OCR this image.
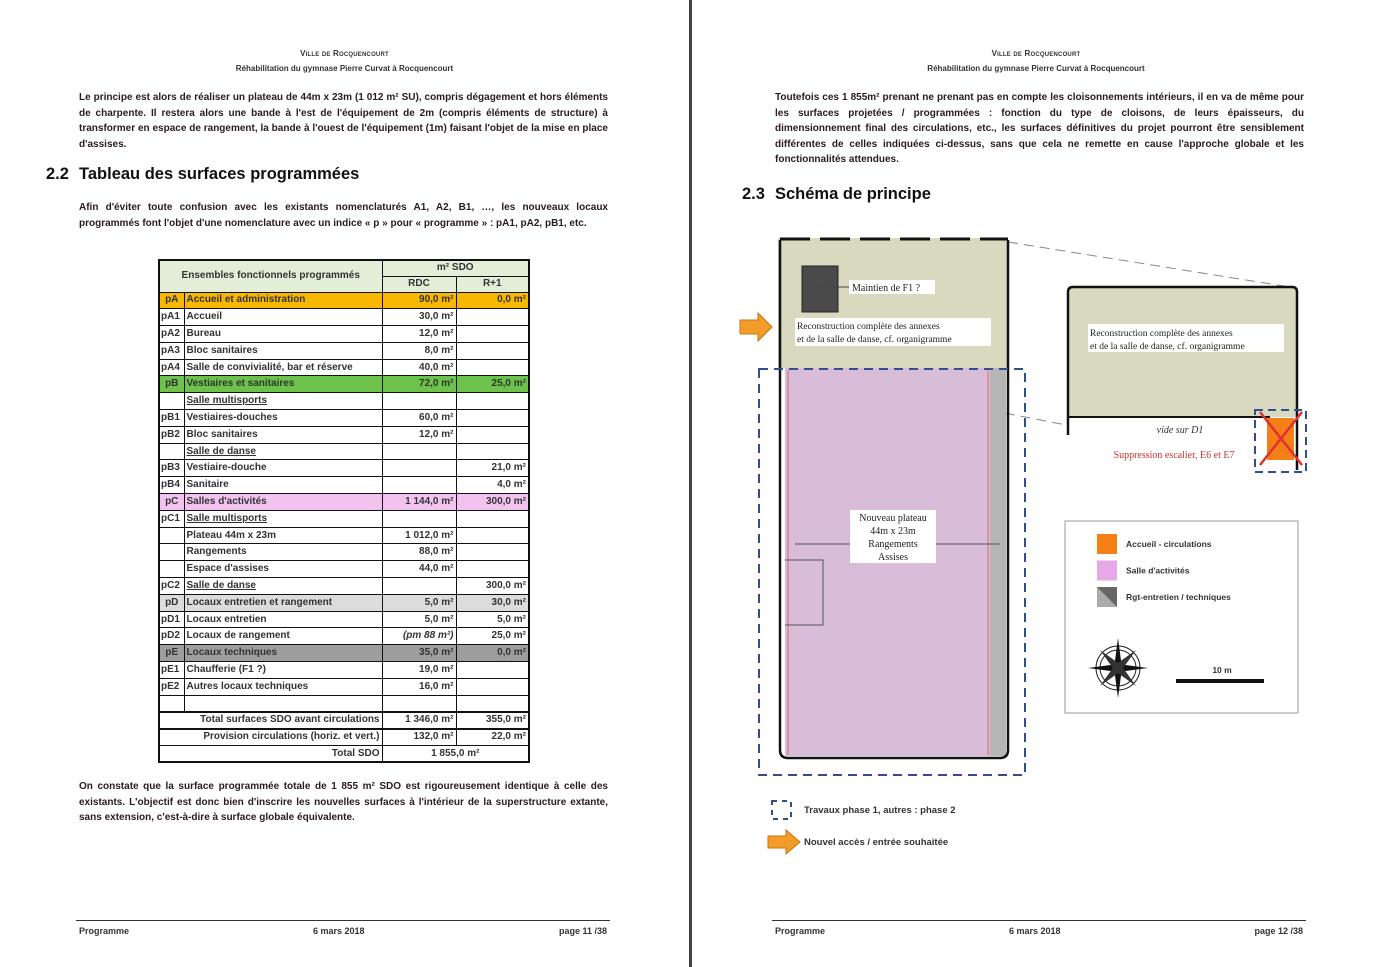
Ville de Rocquencourt
Réhabilitation du gymnase Pierre Curvat à Rocquencourt

Le principe est alors de réaliser un plateau de 44m x 23m (1 012 m² SU), compris dégagement et hors éléments de charpente. Il restera alors une bande à l'est de l'équipement de 2m (compris éléments de structure) à transformer en espace de rangement, la bande à l'ouest de l'équipement (1m) faisant l'objet de la mise en place d'assises.

2.2 Tableau des surfaces programmées

Afin d'éviter toute confusion avec les existants nomenclaturés A1, A2, B1, …, les nouveaux locaux programmés font l'objet d'une nomenclature avec un indice « p » pour « programme » : pA1, pA2, pB1, etc.

Ensembles fonctionnels programmés		m² SDO	
		RDC	R+1
pA	Accueil et administration	90,0 m²	0,0 m²
pA1	Accueil	30,0 m²	
pA2	Bureau	12,0 m²	
pA3	Bloc sanitaires	8,0 m²	
pA4	Salle de convivialité, bar et réserve	40,0 m²	
pB	Vestiaires et sanitaires	72,0 m²	25,0 m²
	Salle multisports		
pB1	Vestiaires-douches	60,0 m²	
pB2	Bloc sanitaires	12,0 m²	
	Salle de danse		
pB3	Vestiaire-douche		21,0 m²
pB4	Sanitaire		4,0 m²
pC	Salles d'activités	1 144,0 m²	300,0 m²
pC1	Salle multisports		
	Plateau 44m x 23m	1 012,0 m²	
	Rangements	88,0 m²	
	Espace d'assises	44,0 m²	
pC2	Salle de danse		300,0 m²
pD	Locaux entretien et rangement	5,0 m²	30,0 m²
pD1	Locaux entretien	5,0 m²	5,0 m²
pD2	Locaux de rangement	(pm 88 m²)	25,0 m²
pE	Locaux techniques	35,0 m²	0,0 m²
pE1	Chaufferie (F1 ?)	19,0 m²	
pE2	Autres locaux techniques	16,0 m²	

Total surfaces SDO avant circulations		1 346,0 m²	355,0 m²
Provision circulations (horiz. et vert.)		132,0 m²	22,0 m²
Total SDO		1 855,0 m²	

On constate que la surface programmée totale de 1 855 m² SDO est rigoureusement identique à celle des existants. L'objectif est donc bien d'inscrire les nouvelles surfaces à l'intérieur de la superstructure extante, sans extension, c'est-à-dire à surface globale équivalente.

Programme	6 mars 2018	page 11 /38
Ville de Rocquencourt
Réhabilitation du gymnase Pierre Curvat à Rocquencourt

Toutefois ces 1 855m² prenant ne prenant pas en compte les cloisonnements intérieurs, il en va de même pour les surfaces projetées / programmées : fonction du type de cloisons, de leurs épaisseurs, du dimensionnement final des circulations, etc., les surfaces définitives du projet pourront être sensiblement différentes de celles indiquées ci-dessus, sans que cela ne remette en cause l'approche globale et les fonctionnalités attendues.

2.3 Schéma de principe
Maintien de F1 ?
Reconstruction complète des annexes
et de la salle de danse, cf. organigramme
Nouveau plateau
44m x 23m
Rangements
Assises
Reconstruction complète des annexes
et de la salle de danse, cf. organigramme
vide sur D1
Suppression escalier, E6 et E7
Accueil - circulations
Salle d'activités
Rgt-entretien / techniques
10 m
Travaux phase 1, autres : phase 2
Nouvel accès / entrée souhaitée
Programme	6 mars 2018	page 12 /38
